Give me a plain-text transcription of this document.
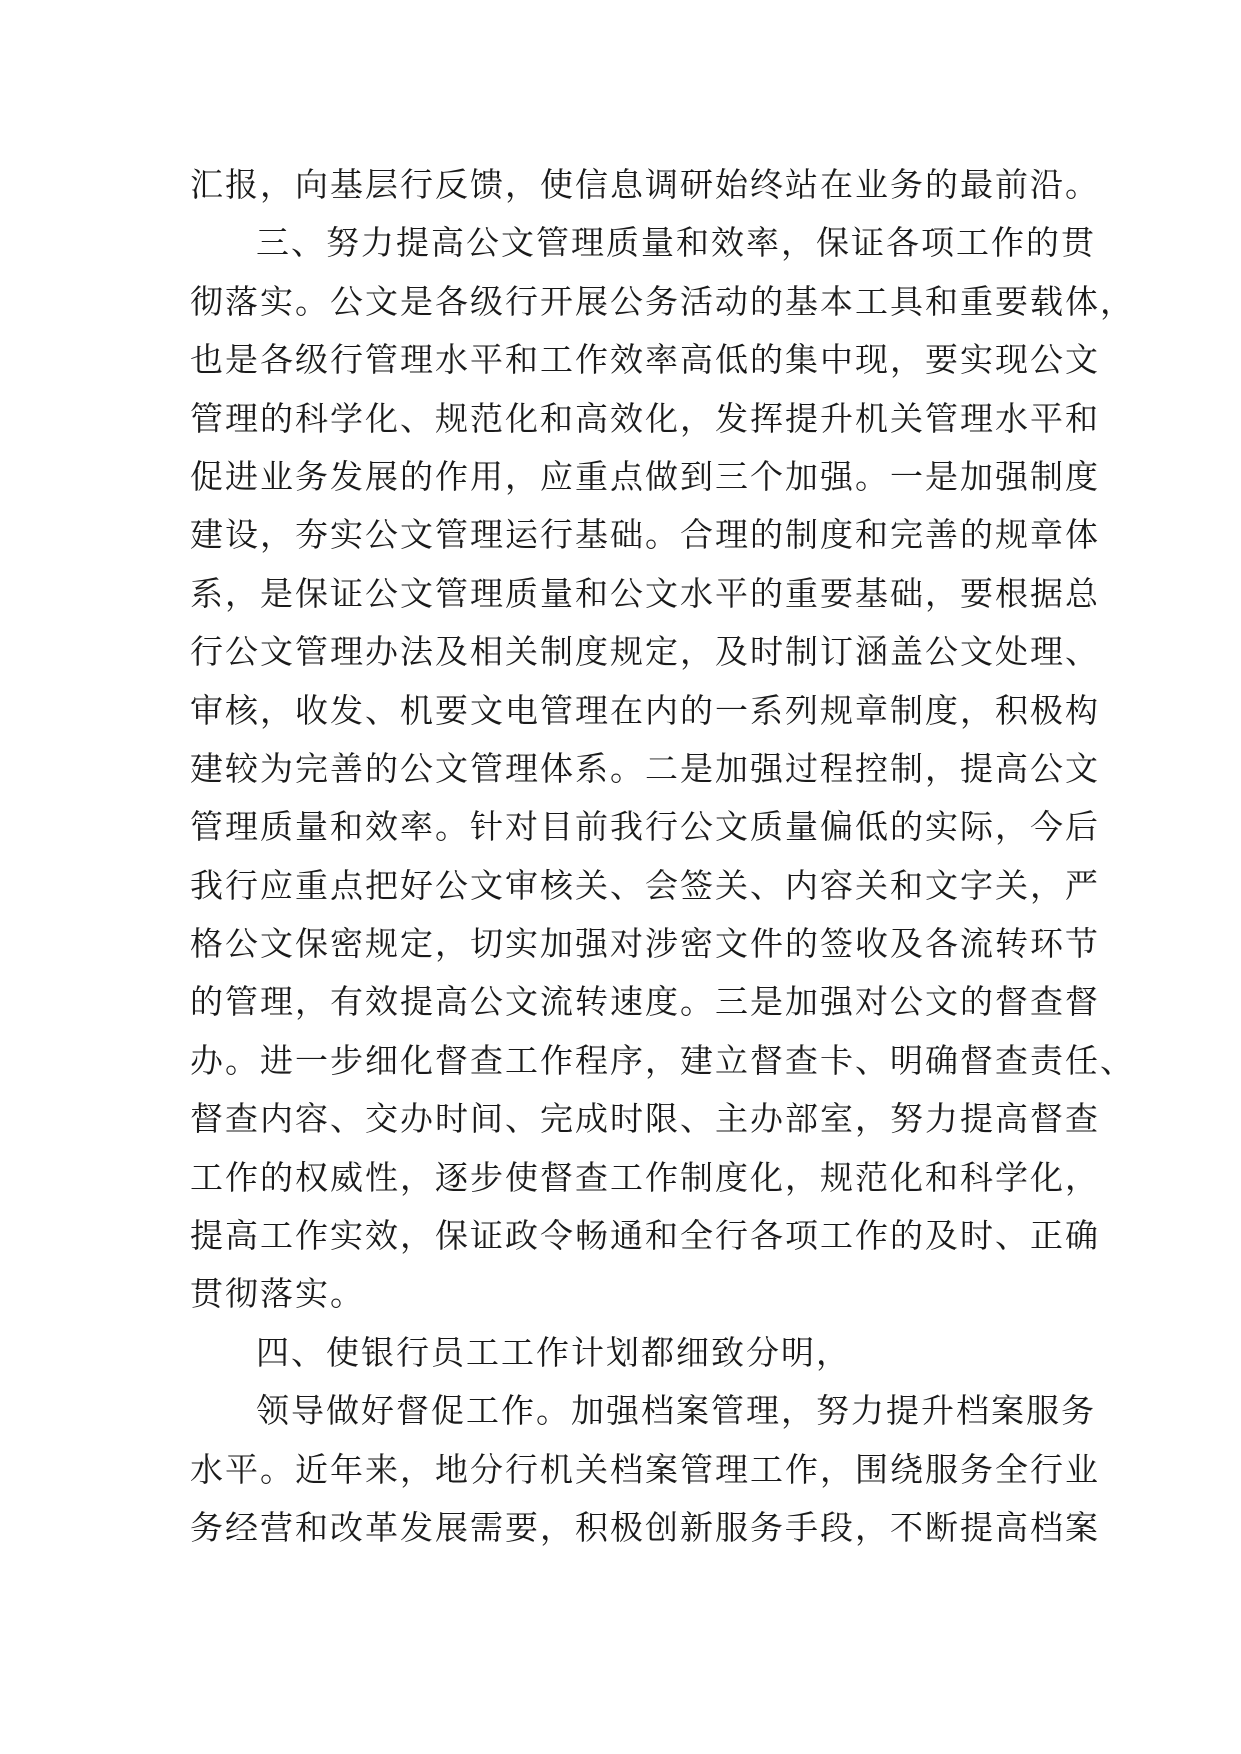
汇报，向基层行反馈，使信息调研始终站在业务的最前沿。
三、努力提高公文管理质量和效率，保证各项工作的贯
彻落实。公文是各级行开展公务活动的基本工具和重要载体，
也是各级行管理水平和工作效率高低的集中现，要实现公文
管理的科学化、规范化和高效化，发挥提升机关管理水平和
促进业务发展的作用，应重点做到三个加强。一是加强制度
建设，夯实公文管理运行基础。合理的制度和完善的规章体
系，是保证公文管理质量和公文水平的重要基础，要根据总
行公文管理办法及相关制度规定，及时制订涵盖公文处理、
审核，收发、机要文电管理在内的一系列规章制度，积极构
建较为完善的公文管理体系。二是加强过程控制，提高公文
管理质量和效率。针对目前我行公文质量偏低的实际，今后
我行应重点把好公文审核关、会签关、内容关和文字关，严
格公文保密规定，切实加强对涉密文件的签收及各流转环节
的管理，有效提高公文流转速度。三是加强对公文的督查督
办。进一步细化督查工作程序，建立督查卡、明确督查责任、
督查内容、交办时间、完成时限、主办部室，努力提高督查
工作的权威性，逐步使督查工作制度化，规范化和科学化，
提高工作实效，保证政令畅通和全行各项工作的及时、正确
贯彻落实。
四、使银行员工工作计划都细致分明，
领导做好督促工作。加强档案管理，努力提升档案服务
水平。近年来，地分行机关档案管理工作，围绕服务全行业
务经营和改革发展需要，积极创新服务手段，不断提高档案
